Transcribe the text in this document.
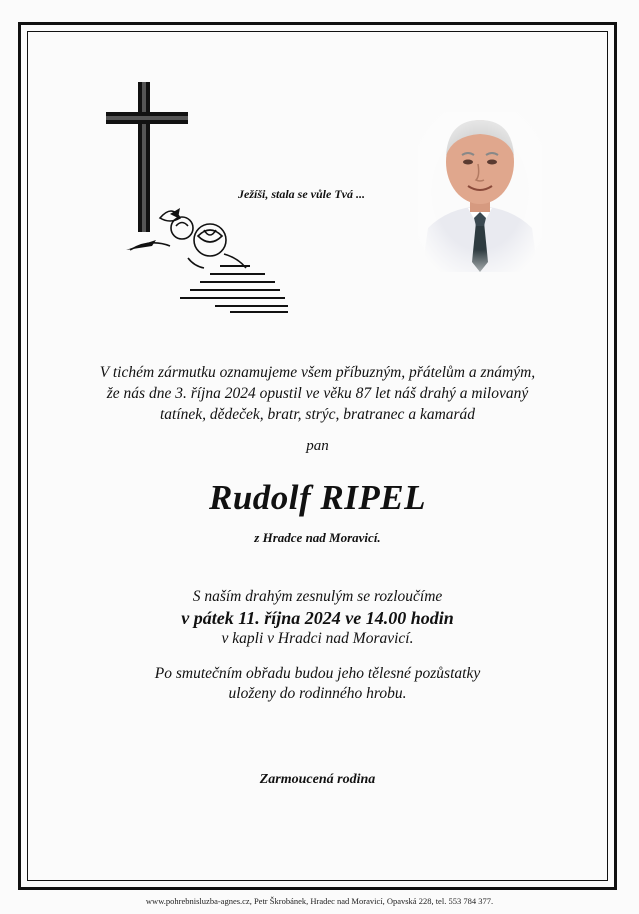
Ježíši, stala se vůle Tvá ...
V tichém zármutku oznamujeme všem příbuzným, přátelům a známým,
že nás dne 3. října 2024 opustil ve věku 87 let náš drahý a milovaný
tatínek, dědeček, bratr, strýc, bratranec a kamarád
pan
Rudolf RIPEL
z Hradce nad Moravicí.
S naším drahým zesnulým se rozloučíme
v pátek 11. října 2024 ve 14.00 hodin
v kapli v Hradci nad Moravicí.
Po smutečním obřadu budou jeho tělesné pozůstatky
uloženy do rodinného hrobu.
Zarmoucená rodina
www.pohrebnisluzba-agnes.cz, Petr Škrobánek, Hradec nad Moravicí, Opavská 228, tel. 553 784 377.
